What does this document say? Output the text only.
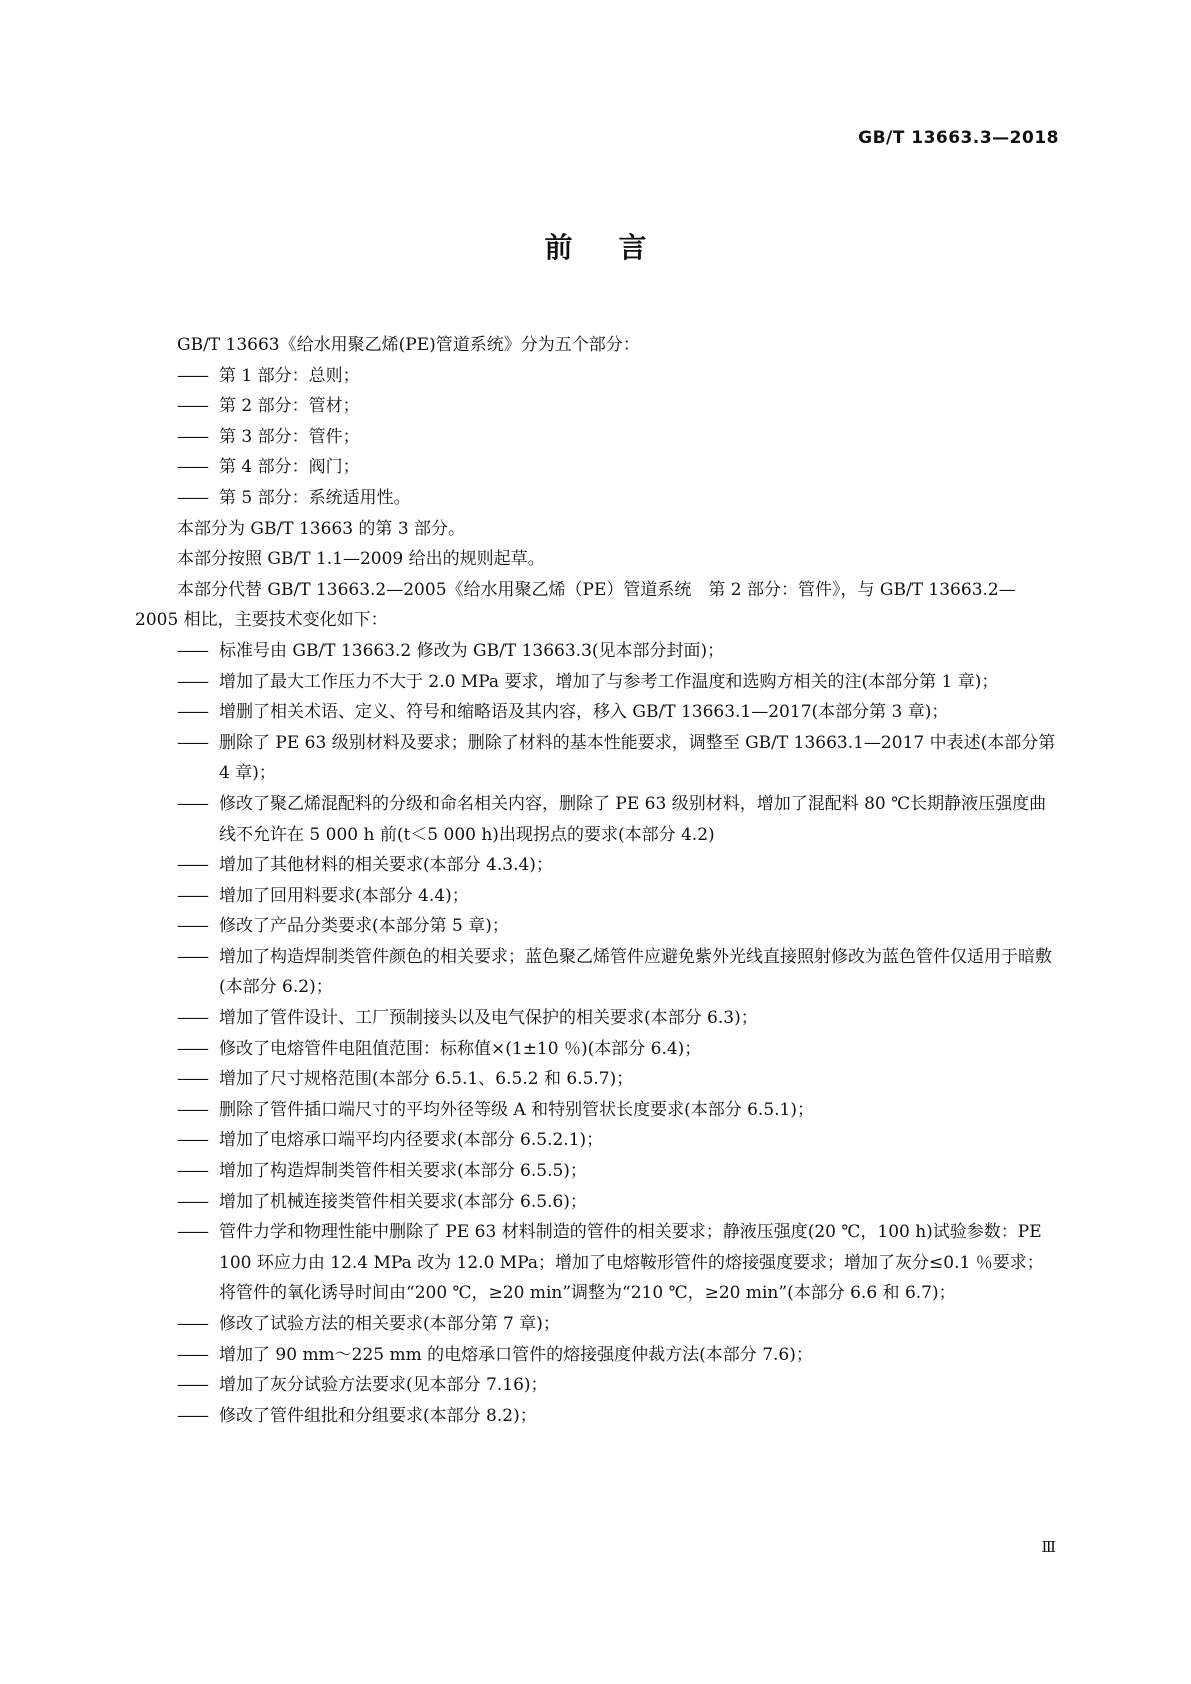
GB/T 13663.3—2018
前言

GB/T 13663《给水用聚乙烯(PE)管道系统》分为五个部分：

—— 第 1 部分：总则；

—— 第 2 部分：管材；

—— 第 3 部分：管件；

—— 第 4 部分：阀门；

—— 第 5 部分：系统适用性。

本部分为 GB/T 13663 的第 3 部分。

本部分按照 GB/T 1.1—2009 给出的规则起草。

本部分代替 GB/T 13663.2—2005《给水用聚乙烯（PE）管道系统　第 2 部分：管件》，与 GB/T 13663.2—2005 相比，主要技术变化如下：

—— 标准号由 GB/T 13663.2 修改为 GB/T 13663.3(见本部分封面)；

—— 增加了最大工作压力不大于 2.0 MPa 要求，增加了与参考工作温度和选购方相关的注(本部分第 1 章)；

—— 增删了相关术语、定义、符号和缩略语及其内容，移入 GB/T 13663.1—2017(本部分第 3 章)；

—— 删除了 PE 63 级别材料及要求；删除了材料的基本性能要求，调整至 GB/T 13663.1—2017 中表述(本部分第 4 章)；

—— 修改了聚乙烯混配料的分级和命名相关内容，删除了 PE 63 级别材料，增加了混配料 80 ℃长期静液压强度曲线不允许在 5 000 h 前(t＜5 000 h)出现拐点的要求(本部分 4.2)

—— 增加了其他材料的相关要求(本部分 4.3.4)；

—— 增加了回用料要求(本部分 4.4)；

—— 修改了产品分类要求(本部分第 5 章)；

—— 增加了构造焊制类管件颜色的相关要求；蓝色聚乙烯管件应避免紫外光线直接照射修改为蓝色管件仅适用于暗敷(本部分 6.2)；

—— 增加了管件设计、工厂预制接头以及电气保护的相关要求(本部分 6.3)；

—— 修改了电熔管件电阻值范围：标称值×(1±10 ％)(本部分 6.4)；

—— 增加了尺寸规格范围(本部分 6.5.1、6.5.2 和 6.5.7)；

—— 删除了管件插口端尺寸的平均外径等级 A 和特别管状长度要求(本部分 6.5.1)；

—— 增加了电熔承口端平均内径要求(本部分 6.5.2.1)；

—— 增加了构造焊制类管件相关要求(本部分 6.5.5)；

—— 增加了机械连接类管件相关要求(本部分 6.5.6)；

—— 管件力学和物理性能中删除了 PE 63 材料制造的管件的相关要求；静液压强度(20 ℃，100 h)试验参数：PE 100 环应力由 12.4 MPa 改为 12.0 MPa；增加了电熔鞍形管件的熔接强度要求；增加了灰分≤0.1 ％要求；将管件的氧化诱导时间由“200 ℃，≥20 min”调整为“210 ℃，≥20 min”(本部分 6.6 和 6.7)；

—— 修改了试验方法的相关要求(本部分第 7 章)；

—— 增加了 90 mm～225 mm 的电熔承口管件的熔接强度仲裁方法(本部分 7.6)；

—— 增加了灰分试验方法要求(见本部分 7.16)；

—— 修改了管件组批和分组要求(本部分 8.2)；

Ⅲ
